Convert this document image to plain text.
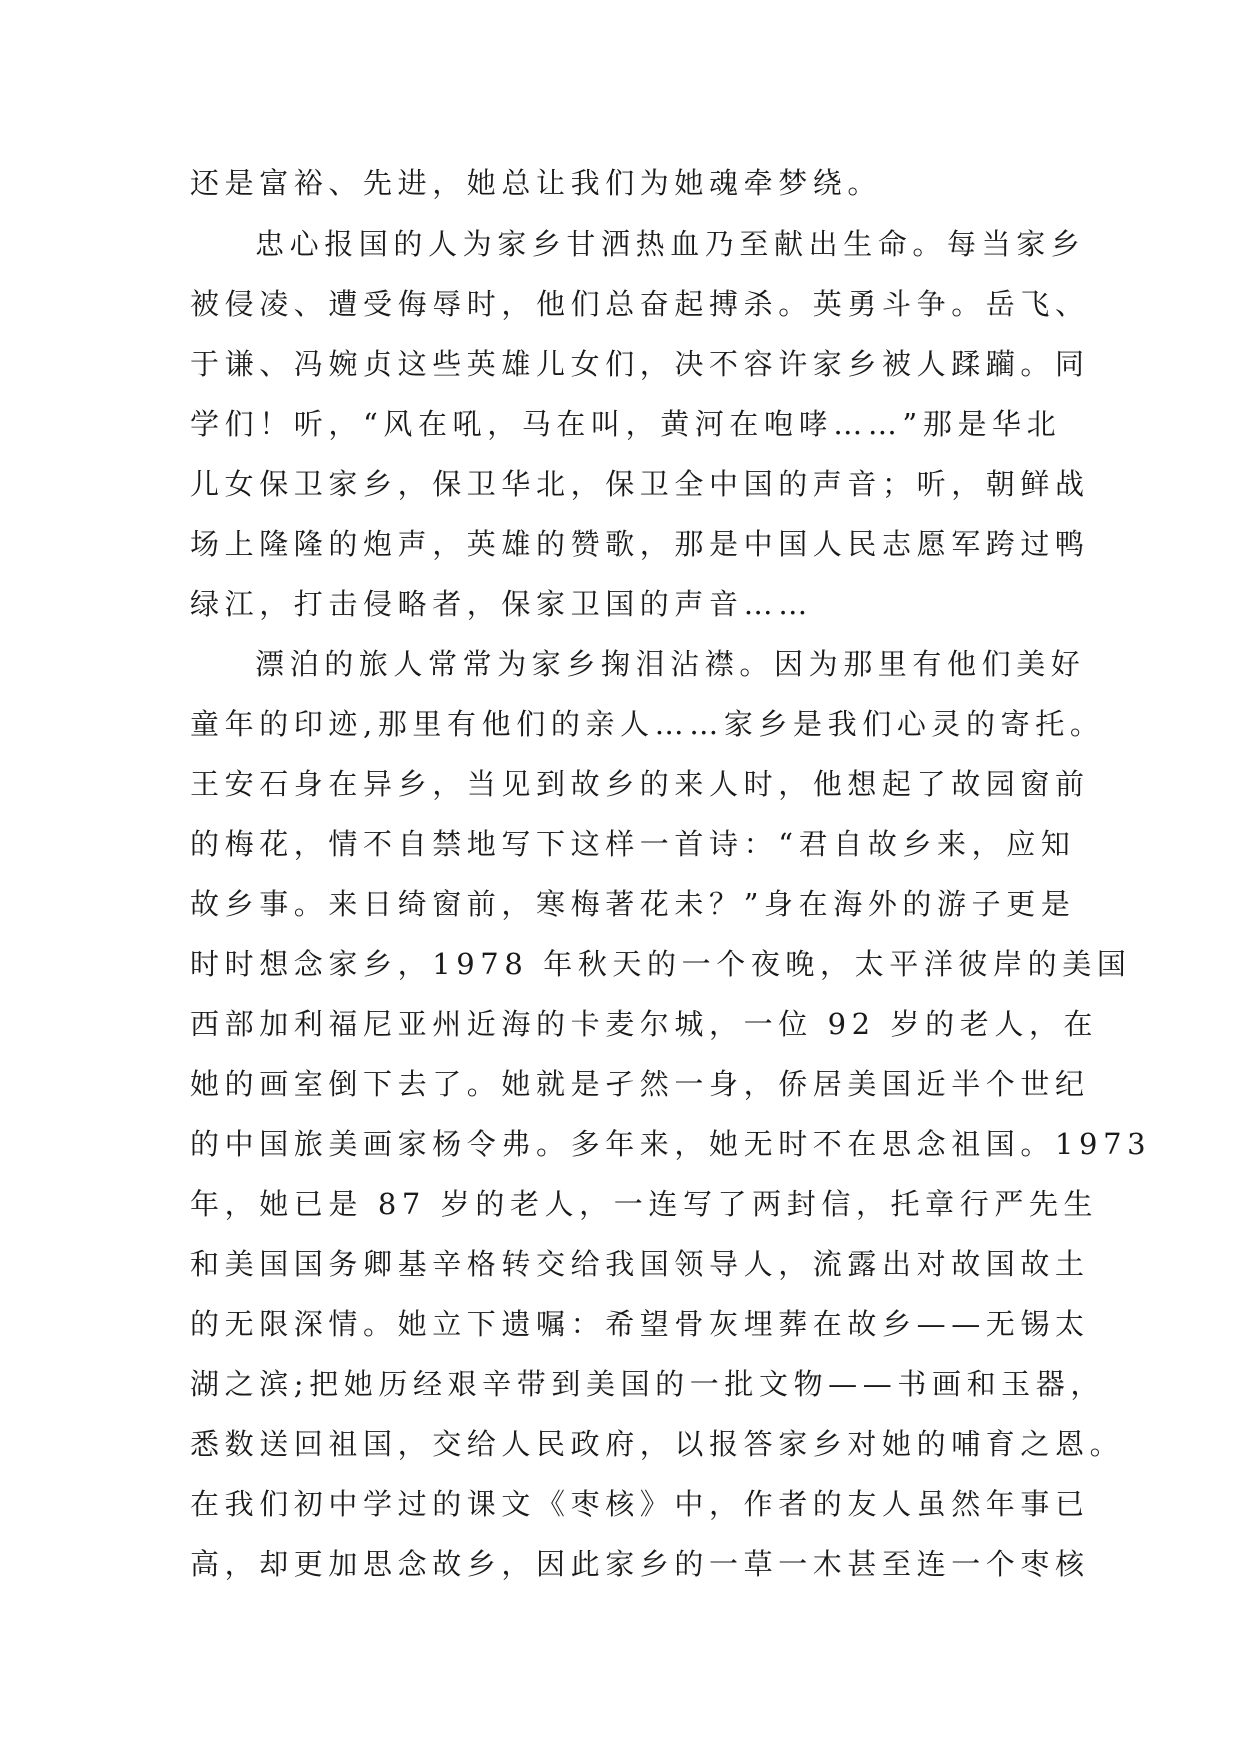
还是富裕、先进，她总让我们为她魂牵梦绕。
忠心报国的人为家乡甘洒热血乃至献出生命。每当家乡
被侵凌、遭受侮辱时，他们总奋起搏杀。英勇斗争。岳飞、
于谦、冯婉贞这些英雄儿女们，决不容许家乡被人蹂躏。同
学们！听，“风在吼，马在叫，黄河在咆哮……”那是华北
儿女保卫家乡，保卫华北，保卫全中国的声音；听，朝鲜战
场上隆隆的炮声，英雄的赞歌，那是中国人民志愿军跨过鸭
绿江，打击侵略者，保家卫国的声音……
漂泊的旅人常常为家乡掬泪沾襟。因为那里有他们美好
童年的印迹,那里有他们的亲人……家乡是我们心灵的寄托。
王安石身在异乡，当见到故乡的来人时，他想起了故园窗前
的梅花，情不自禁地写下这样一首诗：“君自故乡来，应知
故乡事。来日绮窗前，寒梅著花未？”身在海外的游子更是
时时想念家乡，1978 年秋天的一个夜晚，太平洋彼岸的美国
西部加利福尼亚州近海的卡麦尔城，一位 92 岁的老人，在
她的画室倒下去了。她就是孑然一身，侨居美国近半个世纪
的中国旅美画家杨令弗。多年来，她无时不在思念祖国。1973
年，她已是 87 岁的老人，一连写了两封信，托章行严先生
和美国国务卿基辛格转交给我国领导人，流露出对故国故土
的无限深情。她立下遗嘱：希望骨灰埋葬在故乡——无锡太
湖之滨;把她历经艰辛带到美国的一批文物——书画和玉器，
悉数送回祖国，交给人民政府，以报答家乡对她的哺育之恩。
在我们初中学过的课文《枣核》中，作者的友人虽然年事已
高，却更加思念故乡，因此家乡的一草一木甚至连一个枣核
